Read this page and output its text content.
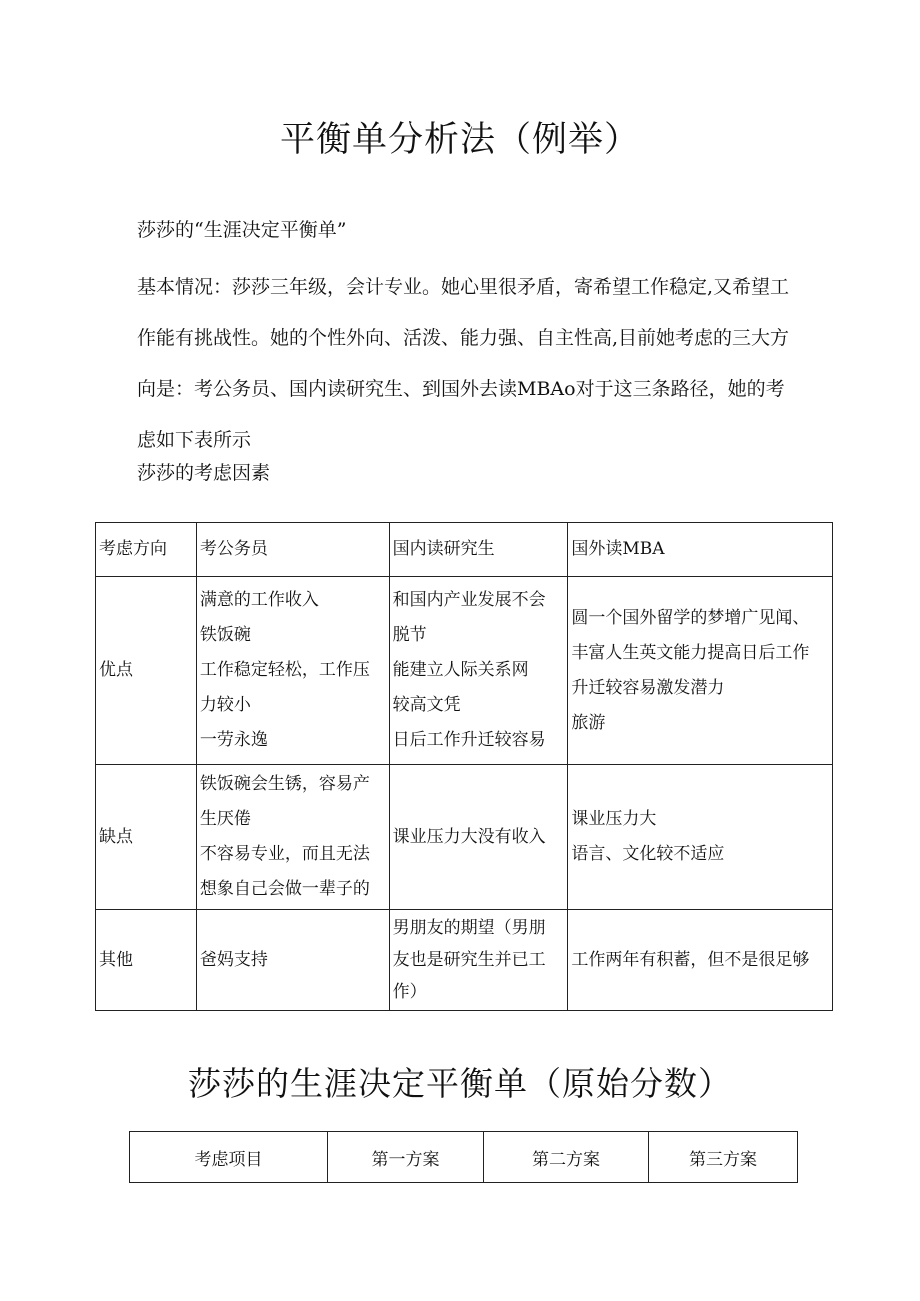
平衡单分析法（例举）
莎莎的“生涯决定平衡单”
基本情况：莎莎三年级，会计专业。她心里很矛盾，寄希望工作稳定,又希望工
作能有挑战性。她的个性外向、活泼、能力强、自主性高,目前她考虑的三大方
向是：考公务员、国内读研究生、到国外去读MBAo对于这三条路径，她的考
虑如下表所示
莎莎的考虑因素
考虑方向	考公务员	国内读研究生	国外读MBA
优点	满意的工作收入
铁饭碗
工作稳定轻松，工作压
力较小
一劳永逸	和国内产业发展不会
脱节
能建立人际关系网
较高文凭
日后工作升迁较容易	圆一个国外留学的梦增广见闻、
丰富人生英文能力提高日后工作
升迁较容易激发潜力
旅游

缺点	铁饭碗会生锈，容易产
生厌倦
不容易专业，而且无法
想象自己会做一辈子的	课业压力大没有收入	课业压力大
语言、文化较不适应

其他	爸妈支持	男朋友的期望（男朋
友也是研究生并已工
作）	工作两年有积蓄，但不是很足够
莎莎的生涯决定平衡单（原始分数）
考虑项目	第一方案	第二方案	第三方案
